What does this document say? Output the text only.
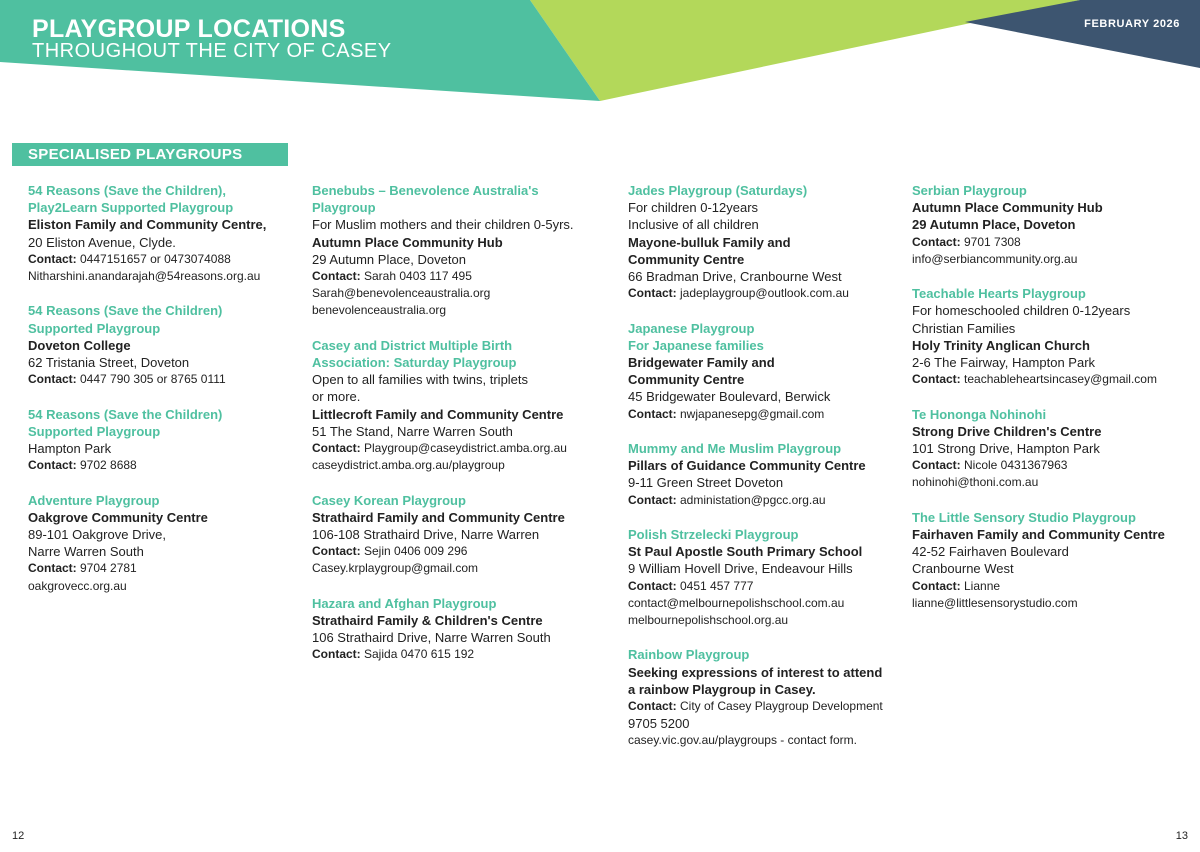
PLAYGROUP LOCATIONS
THROUGHOUT THE CITY OF CASEY
FEBRUARY 2026
SPECIALISED PLAYGROUPS
54 Reasons (Save the Children),
Play2Learn Supported Playgroup
Eliston Family and Community Centre,
20 Eliston Avenue, Clyde.
Contact: 0447151657 or 0473074088
Nitharshini.anandarajah@54reasons.org.au
54 Reasons (Save the Children)
Supported Playgroup
Doveton College
62 Tristania Street, Doveton
Contact: 0447 790 305 or 8765 0111
54 Reasons (Save the Children)
Supported Playgroup
Hampton Park
Contact: 9702 8688
Adventure Playgroup
Oakgrove Community Centre
89-101 Oakgrove Drive,
Narre Warren South
Contact: 9704 2781
oakgrovecc.org.au
Benebubs – Benevolence Australia's
Playgroup
For Muslim mothers and their children 0-5yrs.
Autumn Place Community Hub
29 Autumn Place, Doveton
Contact: Sarah 0403 117 495
Sarah@benevolenceaustralia.org
benevolenceaustralia.org
Casey and District Multiple Birth
Association: Saturday Playgroup
Open to all families with twins, triplets
or more.
Littlecroft Family and Community Centre
51 The Stand, Narre Warren South
Contact: Playgroup@caseydistrict.amba.org.au
caseydistrict.amba.org.au/playgroup
Casey Korean Playgroup
Strathaird Family and Community Centre
106-108 Strathaird Drive, Narre Warren
Contact: Sejin 0406 009 296
Casey.krplaygroup@gmail.com
Hazara and Afghan Playgroup
Strathaird Family & Children's Centre
106 Strathaird Drive, Narre Warren South
Contact: Sajida 0470 615 192
Jades Playgroup (Saturdays)
For children 0-12years
Inclusive of all children
Mayone-bulluk Family and
Community Centre
66 Bradman Drive, Cranbourne West
Contact: jadeplaygroup@outlook.com.au
Japanese Playgroup
For Japanese families
Bridgewater Family and
Community Centre
45 Bridgewater Boulevard, Berwick
Contact: nwjapanesepg@gmail.com
Mummy and Me Muslim Playgroup
Pillars of Guidance Community Centre
9-11 Green Street Doveton
Contact: administation@pgcc.org.au
Polish Strzelecki Playgroup
St Paul Apostle South Primary School
9 William Hovell Drive, Endeavour Hills
Contact: 0451 457 777
contact@melbournepolishschool.com.au
melbournepolishschool.org.au
Rainbow Playgroup
Seeking expressions of interest to attend
a rainbow Playgroup in Casey.
Contact: City of Casey Playgroup Development
9705 5200
casey.vic.gov.au/playgroups - contact form.
Serbian Playgroup
Autumn Place Community Hub
29 Autumn Place, Doveton
Contact: 9701 7308
info@serbiancommunity.org.au
Teachable Hearts Playgroup
For homeschooled children 0-12years
Christian Families
Holy Trinity Anglican Church
2-6 The Fairway, Hampton Park
Contact: teachableheartsincasey@gmail.com
Te Hononga Nohinohi
Strong Drive Children's Centre
101 Strong Drive, Hampton Park
Contact: Nicole 0431367963
nohinohi@thoni.com.au
The Little Sensory Studio Playgroup
Fairhaven Family and Community Centre
42-52 Fairhaven Boulevard
Cranbourne West
Contact: Lianne
lianne@littlesensorystudio.com
12	13
